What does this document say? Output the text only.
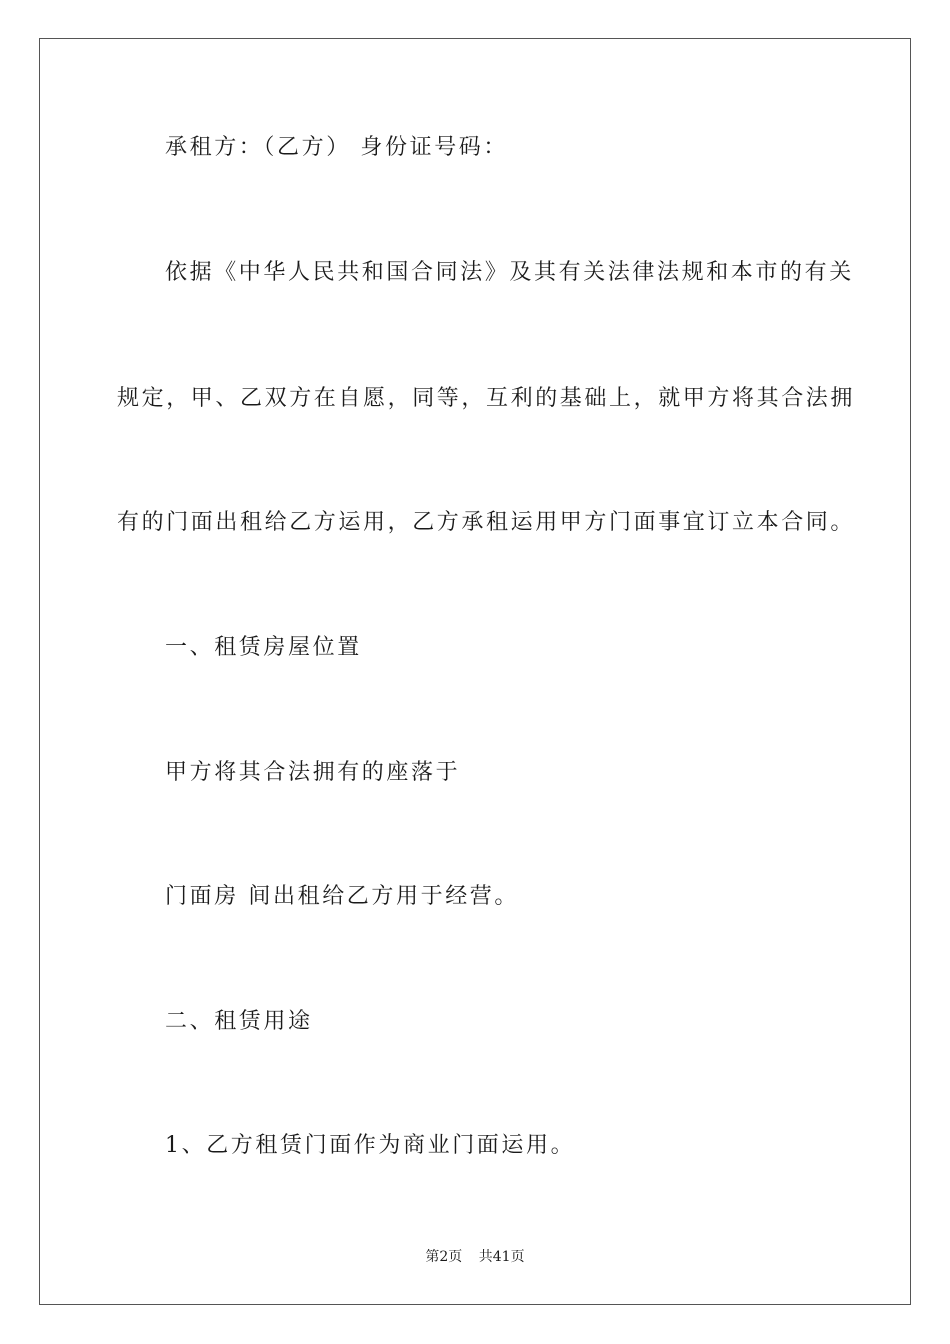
承租方：（乙方） 身份证号码：
依据《中华人民共和国合同法》及其有关法律法规和本市的有关
规定，甲、乙双方在自愿，同等，互利的基础上，就甲方将其合法拥
有的门面出租给乙方运用，乙方承租运用甲方门面事宜订立本合同。
一、租赁房屋位置
甲方将其合法拥有的座落于
门面房 间出租给乙方用于经营。
二、租赁用途
1、乙方租赁门面作为商业门面运用。
第2页 共41页
